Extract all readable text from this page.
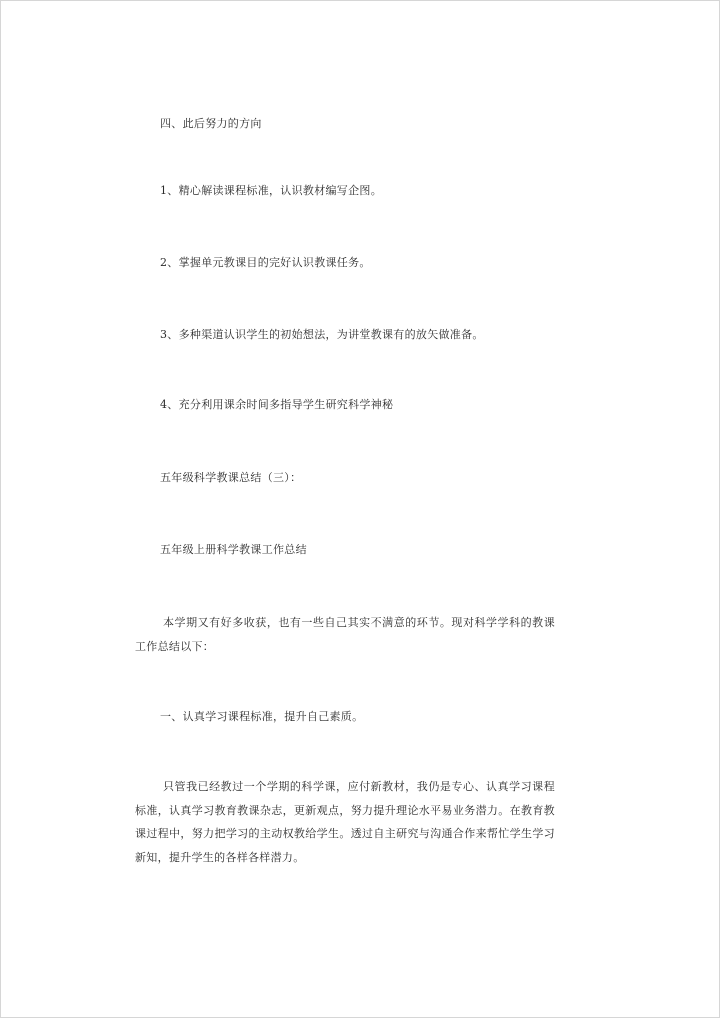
四、此后努力的方向
1、精心解读课程标准，认识教材编写企图。
2、掌握单元教课目的完好认识教课任务。
3、多种渠道认识学生的初始想法，为讲堂教课有的放矢做准备。
4、充分利用课余时间多指导学生研究科学神秘
五年级科学教课总结（三）：
五年级上册科学教课工作总结
本学期又有好多收获，也有一些自己其实不满意的环节。现对科学学科的教课工作总结以下：
一、认真学习课程标准，提升自己素质。
只管我已经教过一个学期的科学课，应付新教材，我仍是专心、认真学习课程标准，认真学习教育教课杂志，更新观点，努力提升理论水平易业务潜力。在教育教课过程中，努力把学习的主动权教给学生。透过自主研究与沟通合作来帮忙学生学习新知，提升学生的各样各样潜力。
